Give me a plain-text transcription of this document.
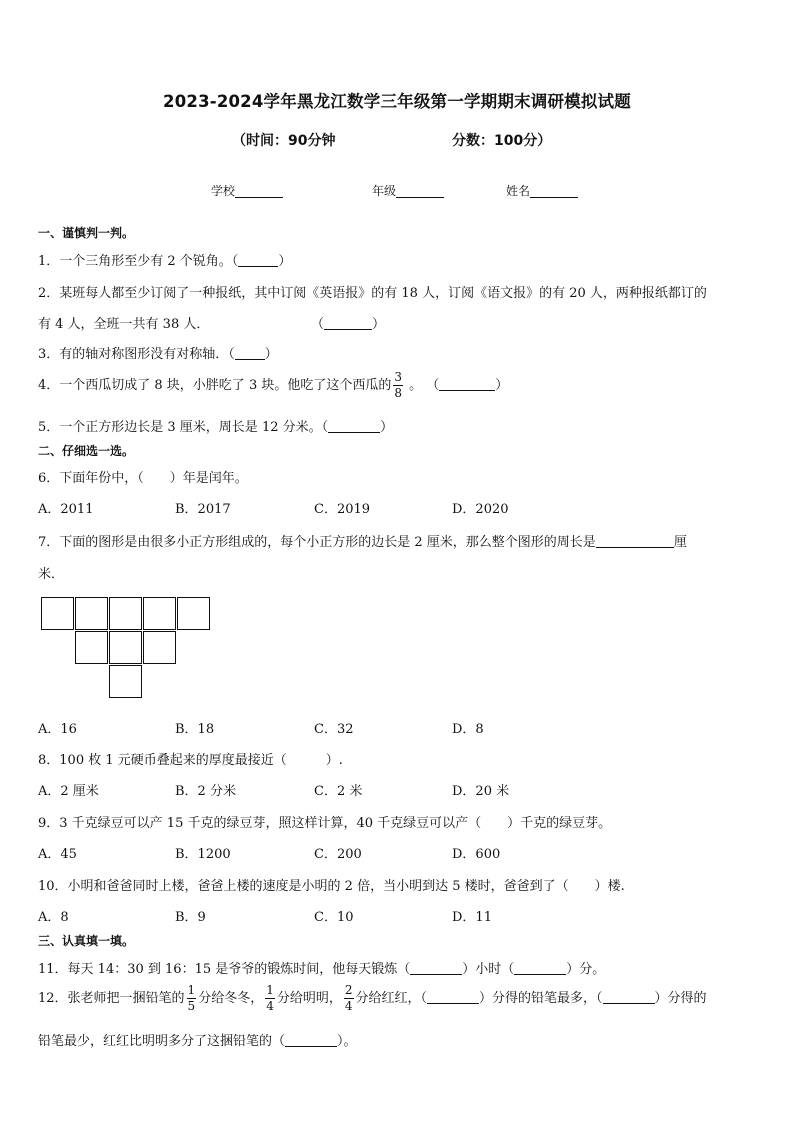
2023-2024学年黑龙江数学三年级第一学期期末调研模拟试题
（时间：90分钟	分数：100分）
学校	年级	姓名
一、谨慎判一判。
1．一个三角形至少有 2 个锐角。（	）
2．某班每人都至少订阅了一种报纸，其中订阅《英语报》的有 18 人，订阅《语文报》的有 20 人，两种报纸都订的
有 4 人，全班一共有 38 人．	（	）
3．有的轴对称图形没有对称轴．（ ）
4．一个西瓜切成了 8 块，小胖吃了 3 块。他吃了这个西瓜的 $\frac{3}{8}$ 。 （	）
5．一个正方形边长是 3 厘米，周长是 12 分米。（	）
二、仔细选一选。
6．下面年份中，（　　）年是闰年。
A．2011	B．2017	C．2019	D．2020
7．下面的图形是由很多小正方形组成的，每个小正方形的边长是 2 厘米，那么整个图形的周长是	厘
米．
A．16	B．18	C．32	D．8
8．100 枚 1 元硬币叠起来的厚度最接近（　　　）.
A．2 厘米	B．2 分米	C．2 米	D．20 米
9．3 千克绿豆可以产 15 千克的绿豆芽，照这样计算，40 千克绿豆可以产（　　）千克的绿豆芽。
A．45	B．1200	C．200	D．600
10．小明和爸爸同时上楼，爸爸上楼的速度是小明的 2 倍，当小明到达 5 楼时，爸爸到了（　　）楼.
A．8	B．9	C．10	D．11
三、认真填一填。
11．每天 14：30 到 16：15 是爷爷的锻炼时间，他每天锻炼（	）小时（	）分。
12．张老师把一捆铅笔的 $\frac{1}{5}$ 分给冬冬， $\frac{1}{4}$ 分给明明， $\frac{2}{4}$ 分给红红，（	）分得的铅笔最多，（	）分得的
铅笔最少，红红比明明多分了这捆铅笔的（	）。
